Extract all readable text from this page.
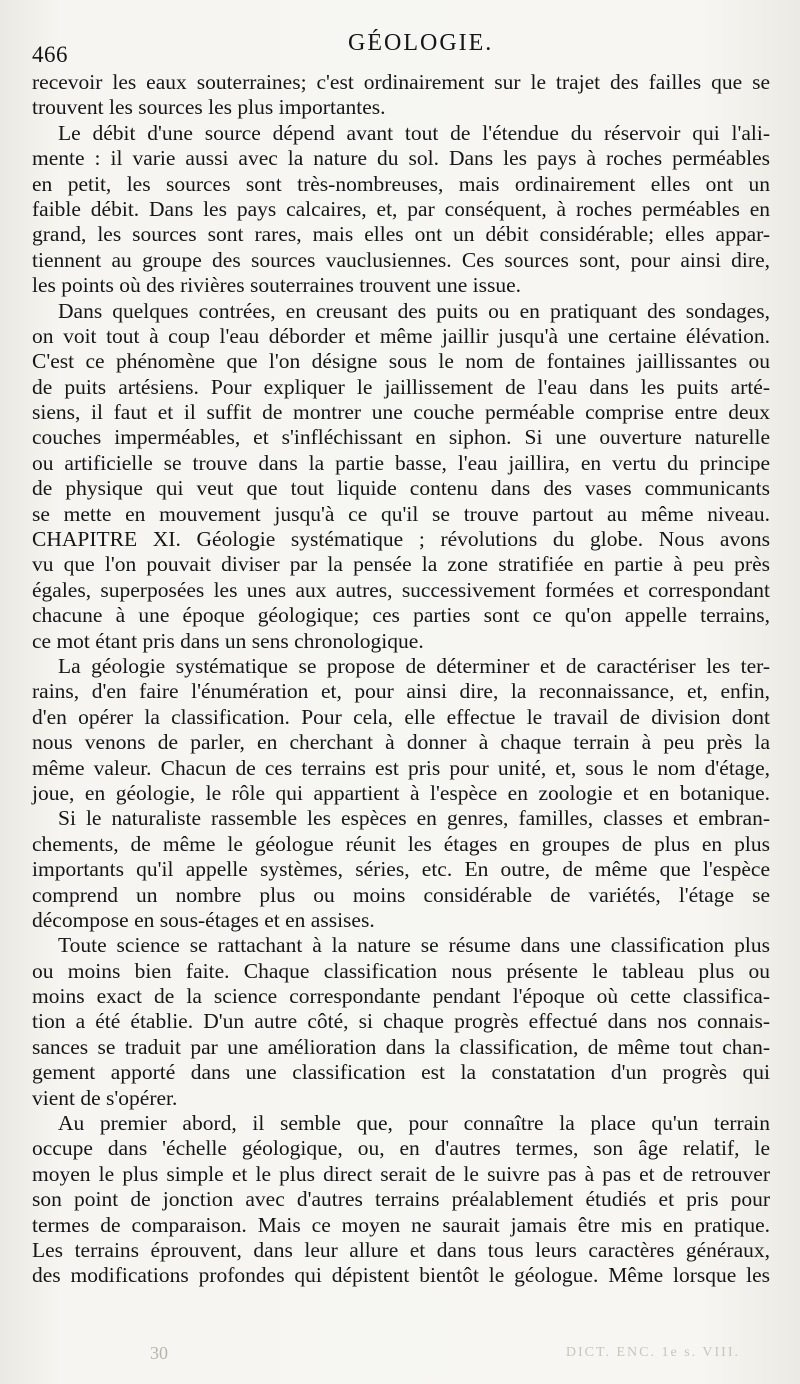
466	GÉOLOGIE.
recevoir les eaux souterraines; c'est ordinairement sur le trajet des failles que se
trouvent les sources les plus importantes.
Le débit d'une source dépend avant tout de l'étendue du réservoir qui l'ali-
mente : il varie aussi avec la nature du sol. Dans les pays à roches perméables
en petit, les sources sont très-nombreuses, mais ordinairement elles ont un
faible débit. Dans les pays calcaires, et, par conséquent, à roches perméables en
grand, les sources sont rares, mais elles ont un débit considérable; elles appar-
tiennent au groupe des sources vauclusiennes. Ces sources sont, pour ainsi dire,
les points où des rivières souterraines trouvent une issue.
Dans quelques contrées, en creusant des puits ou en pratiquant des sondages,
on voit tout à coup l'eau déborder et même jaillir jusqu'à une certaine élévation.
C'est ce phénomène que l'on désigne sous le nom de fontaines jaillissantes ou
de puits artésiens. Pour expliquer le jaillissement de l'eau dans les puits arté-
siens, il faut et il suffit de montrer une couche perméable comprise entre deux
couches imperméables, et s'infléchissant en siphon. Si une ouverture naturelle
ou artificielle se trouve dans la partie basse, l'eau jaillira, en vertu du principe
de physique qui veut que tout liquide contenu dans des vases communicants
se mette en mouvement jusqu'à ce qu'il se trouve partout au même niveau.
CHAPITRE XI. Géologie systématique ; révolutions du globe. Nous avons
vu que l'on pouvait diviser par la pensée la zone stratifiée en partie à peu près
égales, superposées les unes aux autres, successivement formées et correspondant
chacune à une époque géologique; ces parties sont ce qu'on appelle terrains,
ce mot étant pris dans un sens chronologique.
La géologie systématique se propose de déterminer et de caractériser les ter-
rains, d'en faire l'énumération et, pour ainsi dire, la reconnaissance, et, enfin,
d'en opérer la classification. Pour cela, elle effectue le travail de division dont
nous venons de parler, en cherchant à donner à chaque terrain à peu près la
même valeur. Chacun de ces terrains est pris pour unité, et, sous le nom d'étage,
joue, en géologie, le rôle qui appartient à l'espèce en zoologie et en botanique.
Si le naturaliste rassemble les espèces en genres, familles, classes et embran-
chements, de même le géologue réunit les étages en groupes de plus en plus
importants qu'il appelle systèmes, séries, etc. En outre, de même que l'espèce
comprend un nombre plus ou moins considérable de variétés, l'étage se
décompose en sous-étages et en assises.
Toute science se rattachant à la nature se résume dans une classification plus
ou moins bien faite. Chaque classification nous présente le tableau plus ou
moins exact de la science correspondante pendant l'époque où cette classifica-
tion a été établie. D'un autre côté, si chaque progrès effectué dans nos connais-
sances se traduit par une amélioration dans la classification, de même tout chan-
gement apporté dans une classification est la constatation d'un progrès qui
vient de s'opérer.
Au premier abord, il semble que, pour connaître la place qu'un terrain
occupe dans 'échelle géologique, ou, en d'autres termes, son âge relatif, le
moyen le plus simple et le plus direct serait de le suivre pas à pas et de retrouver
son point de jonction avec d'autres terrains préalablement étudiés et pris pour
termes de comparaison. Mais ce moyen ne saurait jamais être mis en pratique.
Les terrains éprouvent, dans leur allure et dans tous leurs caractères généraux,
des modifications profondes qui dépistent bientôt le géologue. Même lorsque les
30	DICT. ENC. 1e s. VIII.
